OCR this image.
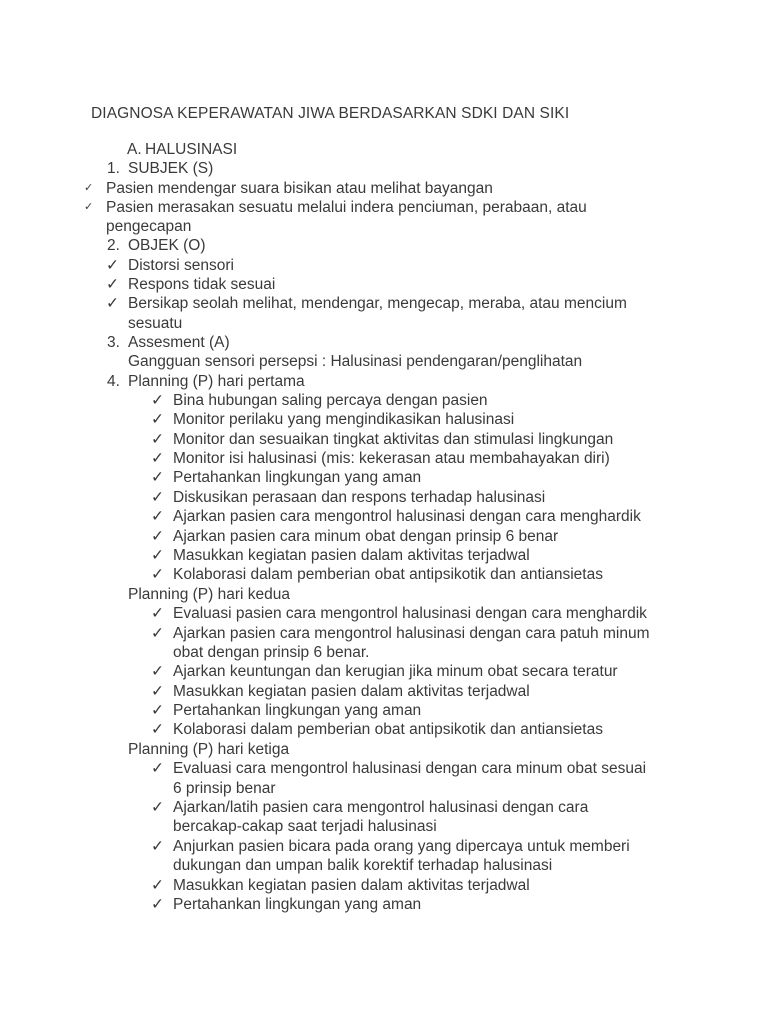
DIAGNOSA KEPERAWATAN JIWA BERDASARKAN SDKI DAN SIKI
A. HALUSINASI
1. SUBJEK (S)
✓ Pasien mendengar suara bisikan atau melihat bayangan
✓ Pasien merasakan sesuatu melalui indera penciuman, perabaan, atau
pengecapan
2. OBJEK (O)
✓ Distorsi sensori
✓ Respons tidak sesuai
✓ Bersikap seolah melihat, mendengar, mengecap, meraba, atau mencium
sesuatu
3. Assesment (A)
Gangguan sensori persepsi : Halusinasi pendengaran/penglihatan
4. Planning (P) hari pertama
✓ Bina hubungan saling percaya dengan pasien
✓ Monitor perilaku yang mengindikasikan halusinasi
✓ Monitor dan sesuaikan tingkat aktivitas dan stimulasi lingkungan
✓ Monitor isi halusinasi (mis: kekerasan atau membahayakan diri)
✓ Pertahankan lingkungan yang aman
✓ Diskusikan perasaan dan respons terhadap halusinasi
✓ Ajarkan pasien cara mengontrol halusinasi dengan cara menghardik
✓ Ajarkan pasien cara minum obat dengan prinsip 6 benar
✓ Masukkan kegiatan pasien dalam aktivitas terjadwal
✓ Kolaborasi dalam pemberian obat antipsikotik dan antiansietas
Planning (P) hari kedua
✓ Evaluasi pasien cara mengontrol halusinasi dengan cara menghardik
✓ Ajarkan pasien cara mengontrol halusinasi dengan cara patuh minum
obat dengan prinsip 6 benar.
✓ Ajarkan keuntungan dan kerugian jika minum obat secara teratur
✓ Masukkan kegiatan pasien dalam aktivitas terjadwal
✓ Pertahankan lingkungan yang aman
✓ Kolaborasi dalam pemberian obat antipsikotik dan antiansietas
Planning (P) hari ketiga
✓ Evaluasi cara mengontrol halusinasi dengan cara minum obat sesuai
6 prinsip benar
✓ Ajarkan/latih pasien cara mengontrol halusinasi dengan cara
bercakap-cakap saat terjadi halusinasi
✓ Anjurkan pasien bicara pada orang yang dipercaya untuk memberi
dukungan dan umpan balik korektif terhadap halusinasi
✓ Masukkan kegiatan pasien dalam aktivitas terjadwal
✓ Pertahankan lingkungan yang aman
